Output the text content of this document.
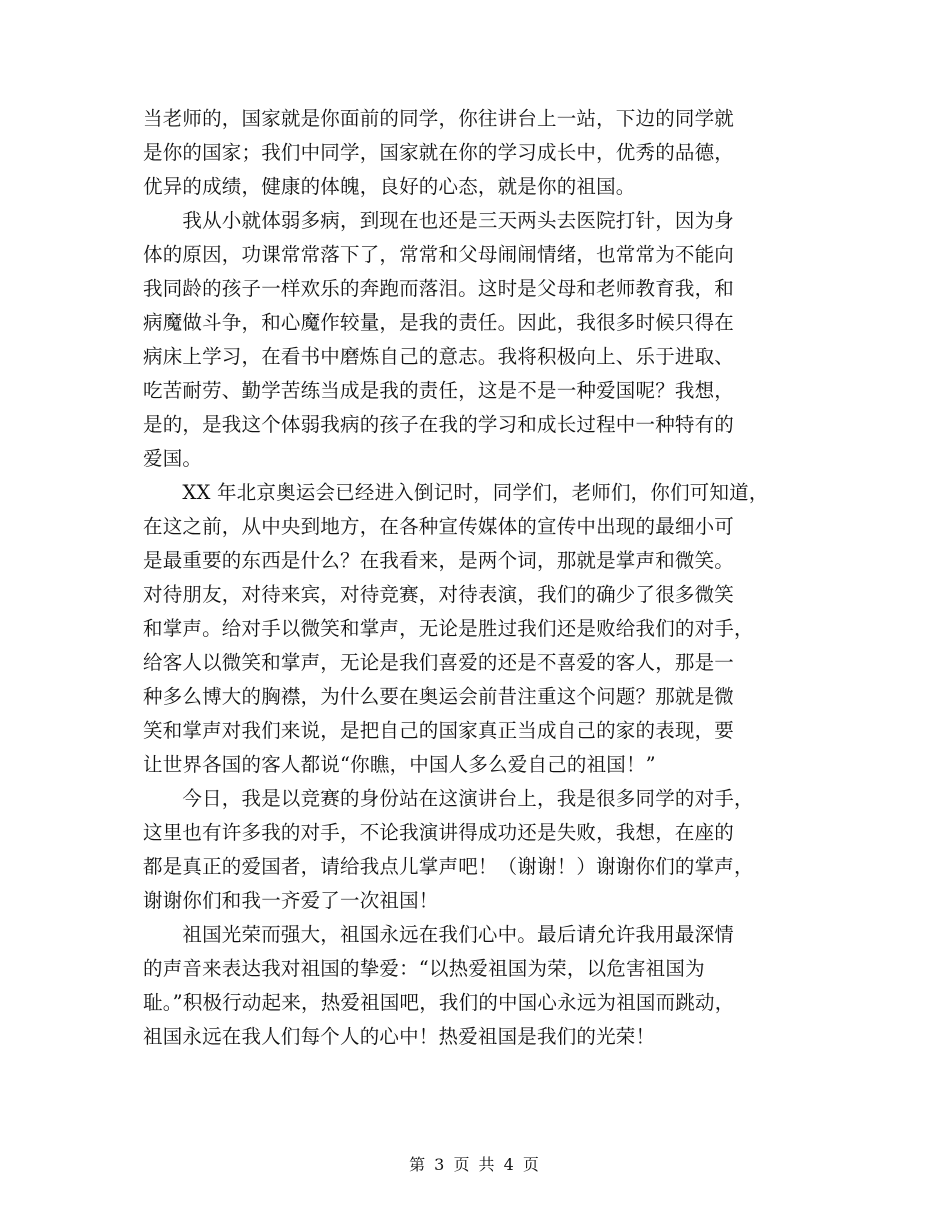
当老师的，国家就是你面前的同学，你往讲台上一站，下边的同学就
是你的国家；我们中同学，国家就在你的学习成长中，优秀的品德，
优异的成绩，健康的体魄，良好的心态，就是你的祖国。
　　我从小就体弱多病，到现在也还是三天两头去医院打针，因为身
体的原因，功课常常落下了，常常和父母闹闹情绪，也常常为不能向
我同龄的孩子一样欢乐的奔跑而落泪。这时是父母和老师教育我，和
病魔做斗争，和心魔作较量，是我的责任。因此，我很多时候只得在
病床上学习，在看书中磨炼自己的意志。我将积极向上、乐于进取、
吃苦耐劳、勤学苦练当成是我的责任，这是不是一种爱国呢？我想，
是的，是我这个体弱我病的孩子在我的学习和成长过程中一种特有的
爱国。
　　XX 年北京奥运会已经进入倒记时，同学们，老师们，你们可知道，
在这之前，从中央到地方，在各种宣传媒体的宣传中出现的最细小可
是最重要的东西是什么？在我看来，是两个词，那就是掌声和微笑。
对待朋友，对待来宾，对待竞赛，对待表演，我们的确少了很多微笑
和掌声。给对手以微笑和掌声，无论是胜过我们还是败给我们的对手，
给客人以微笑和掌声，无论是我们喜爱的还是不喜爱的客人，那是一
种多么博大的胸襟，为什么要在奥运会前昔注重这个问题？那就是微
笑和掌声对我们来说，是把自己的国家真正当成自己的家的表现，要
让世界各国的客人都说“你瞧，中国人多么爱自己的祖国！”
　　今日，我是以竞赛的身份站在这演讲台上，我是很多同学的对手，
这里也有许多我的对手，不论我演讲得成功还是失败，我想，在座的
都是真正的爱国者，请给我点儿掌声吧！（谢谢！）谢谢你们的掌声，
谢谢你们和我一齐爱了一次祖国！
　　祖国光荣而强大，祖国永远在我们心中。最后请允许我用最深情
的声音来表达我对祖国的挚爱：“以热爱祖国为荣，以危害祖国为
耻。”积极行动起来，热爱祖国吧，我们的中国心永远为祖国而跳动，
祖国永远在我人们每个人的心中！热爱祖国是我们的光荣！
第 3 页 共 4 页
